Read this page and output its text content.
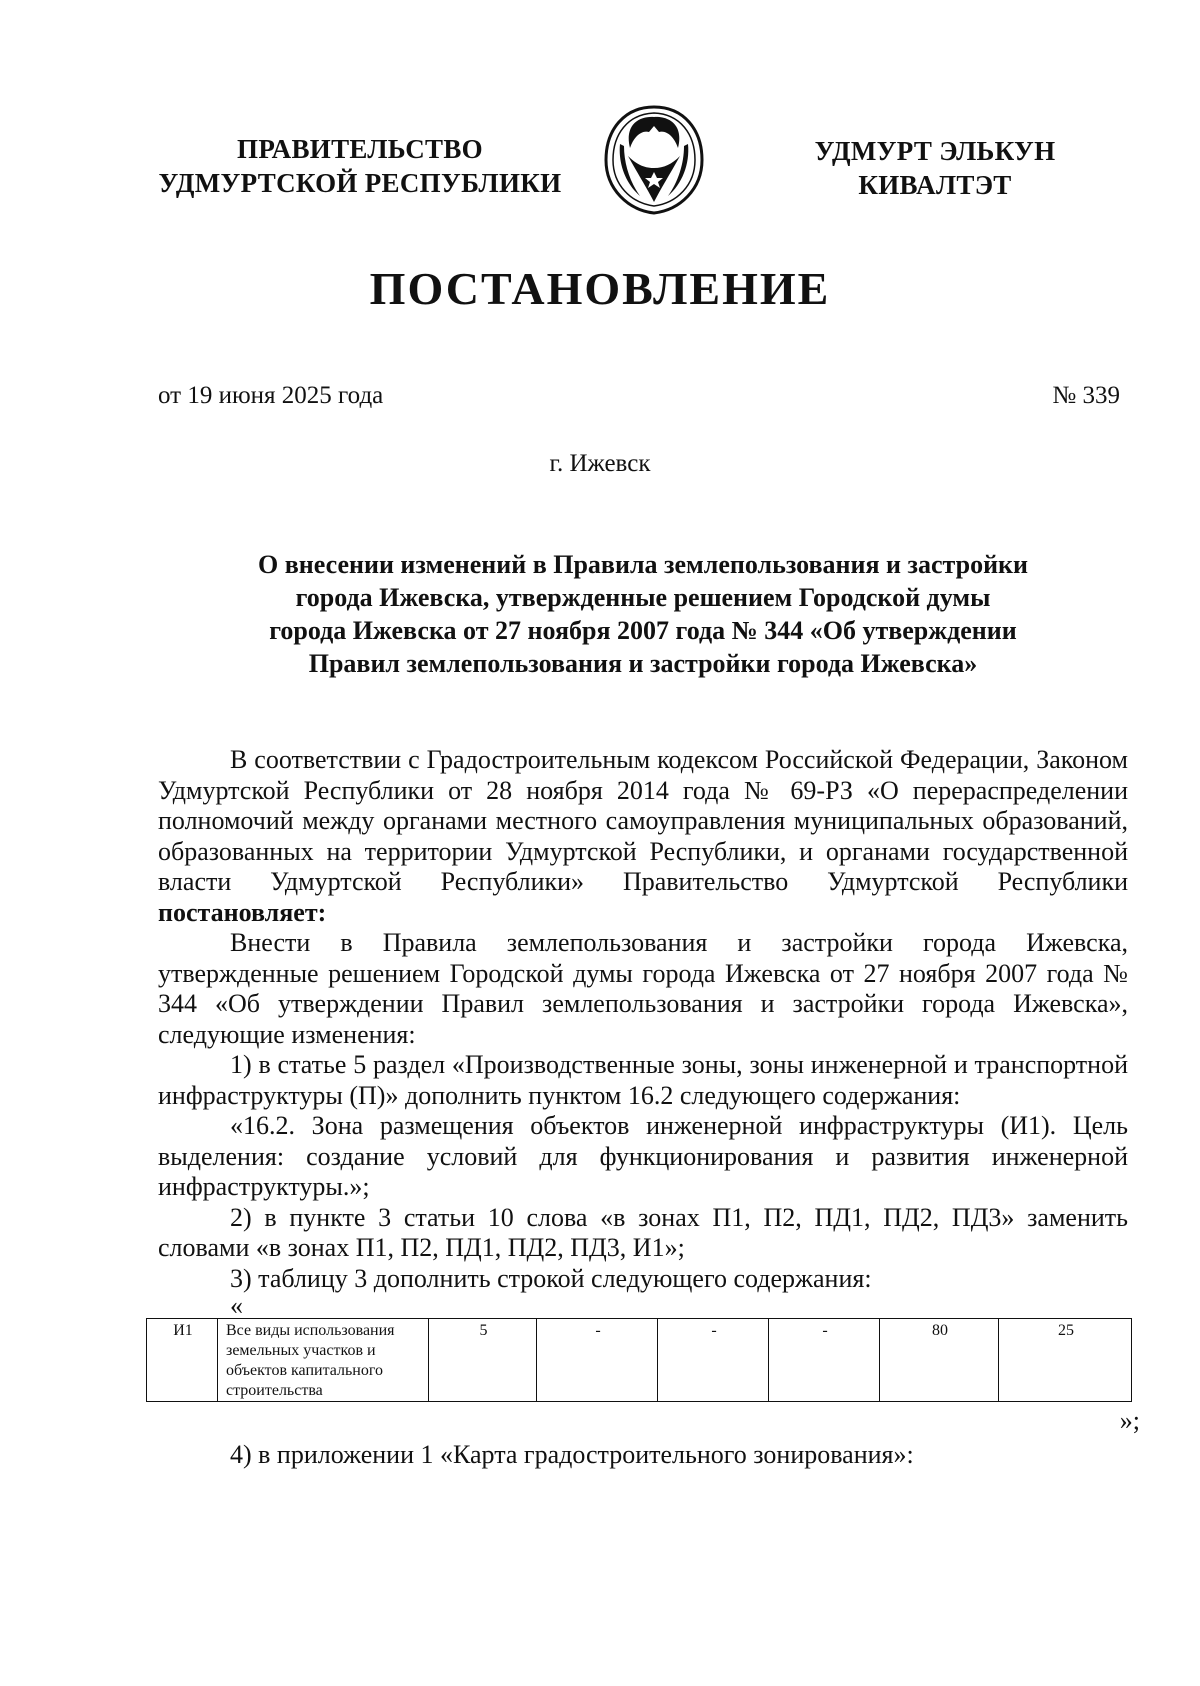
ПРАВИТЕЛЬСТВО
УДМУРТСКОЙ РЕСПУБЛИКИ
УДМУРТ ЭЛЬКУН
КИВАЛТЭТ
ПОСТАНОВЛЕНИЕ
от 19 июня 2025 года	№ 339
г. Ижевск
О внесении изменений в Правила землепользования и застройки
города Ижевска, утвержденные решением Городской думы
города Ижевска от 27 ноября 2007 года № 344 «Об утверждении
Правил землепользования и застройки города Ижевска»

В соответствии с Градостроительным кодексом Российской Федерации, Законом Удмуртской Республики от 28 ноября 2014 года № 69-РЗ «О перераспределении полномочий между органами местного самоуправления муниципальных образований, образованных на территории Удмуртской Республики, и органами государственной власти Удмуртской Республики» Правительство Удмуртской Республики постановляет:

Внести в Правила землепользования и застройки города Ижевска, утвержденные решением Городской думы города Ижевска от 27 ноября 2007 года № 344 «Об утверждении Правил землепользования и застройки города Ижевска», следующие изменения:

1) в статье 5 раздел «Производственные зоны, зоны инженерной и транспортной инфраструктуры (П)» дополнить пунктом 16.2 следующего содержания:

«16.2. Зона размещения объектов инженерной инфраструктуры (И1). Цель выделения: создание условий для функционирования и развития инженерной инфраструктуры.»;

2) в пункте 3 статьи 10 слова «в зонах П1, П2, ПД1, ПД2, ПД3» заменить словами «в зонах П1, П2, ПД1, ПД2, ПД3, И1»;

3) таблицу 3 дополнить строкой следующего содержания:

«
И1	Все виды использования земельных участков и объектов капитального строительства	5	-	-	-	80	25
»;

4) в приложении 1 «Карта градостроительного зонирования»:
